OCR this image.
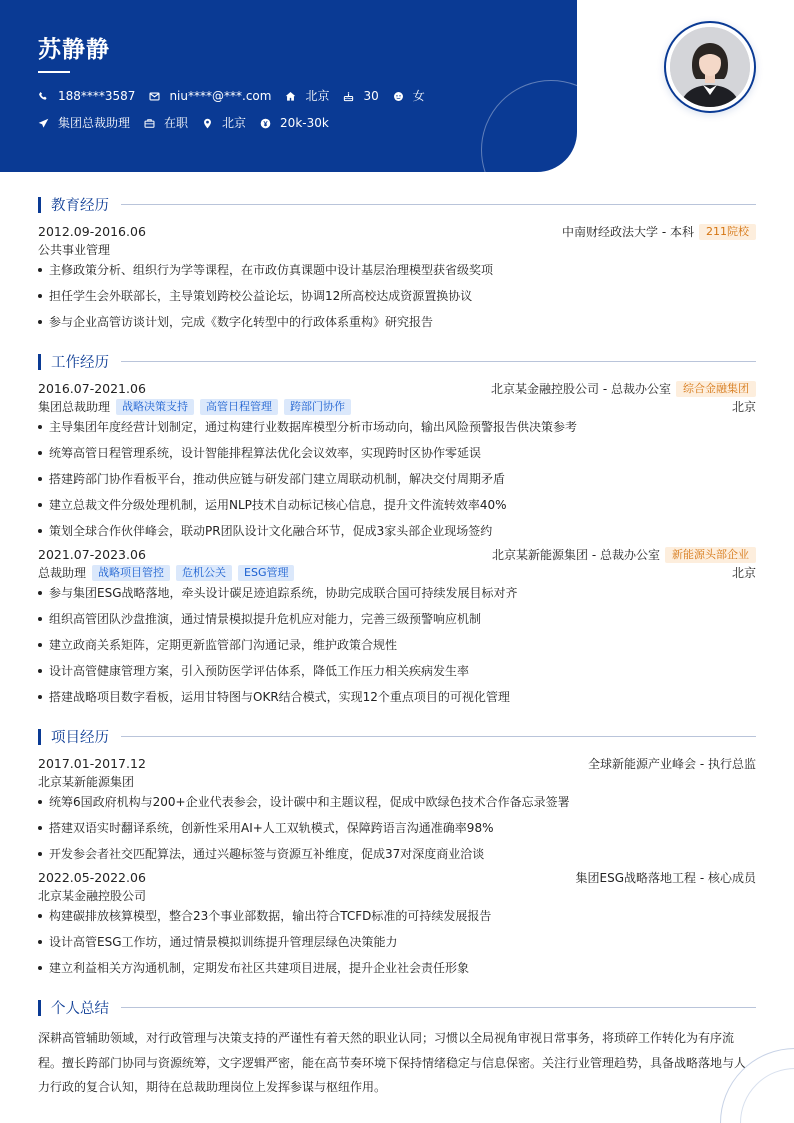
苏静静
188****3587	niu****@***.com	北京	30	女
集团总裁助理	在职	北京	20k-30k
教育经历
2012.09-2016.06	中南财经政法大学 - 本科	211院校
公共事业管理
主修政策分析、组织行为学等课程，在市政仿真课题中设计基层治理模型获省级奖项
担任学生会外联部长，主导策划跨校公益论坛，协调12所高校达成资源置换协议
参与企业高管访谈计划，完成《数字化转型中的行政体系重构》研究报告
工作经历
2016.07-2021.06	北京某金融控股公司 - 总裁办公室	综合金融集团
集团总裁助理	战略决策支持	高管日程管理	跨部门协作	北京
主导集团年度经营计划制定，通过构建行业数据库模型分析市场动向，输出风险预警报告供决策参考
统筹高管日程管理系统，设计智能排程算法优化会议效率，实现跨时区协作零延误
搭建跨部门协作看板平台，推动供应链与研发部门建立周联动机制，解决交付周期矛盾
建立总裁文件分级处理机制，运用NLP技术自动标记核心信息，提升文件流转效率40%
策划全球合作伙伴峰会，联动PR团队设计文化融合环节，促成3家头部企业现场签约
2021.07-2023.06	北京某新能源集团 - 总裁办公室	新能源头部企业
总裁助理	战略项目管控	危机公关	ESG管理	北京
参与集团ESG战略落地，牵头设计碳足迹追踪系统，协助完成联合国可持续发展目标对齐
组织高管团队沙盘推演，通过情景模拟提升危机应对能力，完善三级预警响应机制
建立政商关系矩阵，定期更新监管部门沟通记录，维护政策合规性
设计高管健康管理方案，引入预防医学评估体系，降低工作压力相关疾病发生率
搭建战略项目数字看板，运用甘特图与OKR结合模式，实现12个重点项目的可视化管理
项目经历
2017.01-2017.12	全球新能源产业峰会 - 执行总监
北京某新能源集团
统筹6国政府机构与200+企业代表参会，设计碳中和主题议程，促成中欧绿色技术合作备忘录签署
搭建双语实时翻译系统，创新性采用AI+人工双轨模式，保障跨语言沟通准确率98%
开发参会者社交匹配算法，通过兴趣标签与资源互补维度，促成37对深度商业洽谈
2022.05-2022.06	集团ESG战略落地工程 - 核心成员
北京某金融控股公司
构建碳排放核算模型，整合23个事业部数据，输出符合TCFD标准的可持续发展报告
设计高管ESG工作坊，通过情景模拟训练提升管理层绿色决策能力
建立利益相关方沟通机制，定期发布社区共建项目进展，提升企业社会责任形象
个人总结
深耕高管辅助领域，对行政管理与决策支持的严谨性有着天然的职业认同；习惯以全局视角审视日常事务，将琐碎工作转化为有序流程。擅长跨部门协同与资源统筹，文字逻辑严密，能在高节奏环境下保持情绪稳定与信息保密。关注行业管理趋势，具备战略落地与人力行政的复合认知，期待在总裁助理岗位上发挥参谋与枢纽作用。
